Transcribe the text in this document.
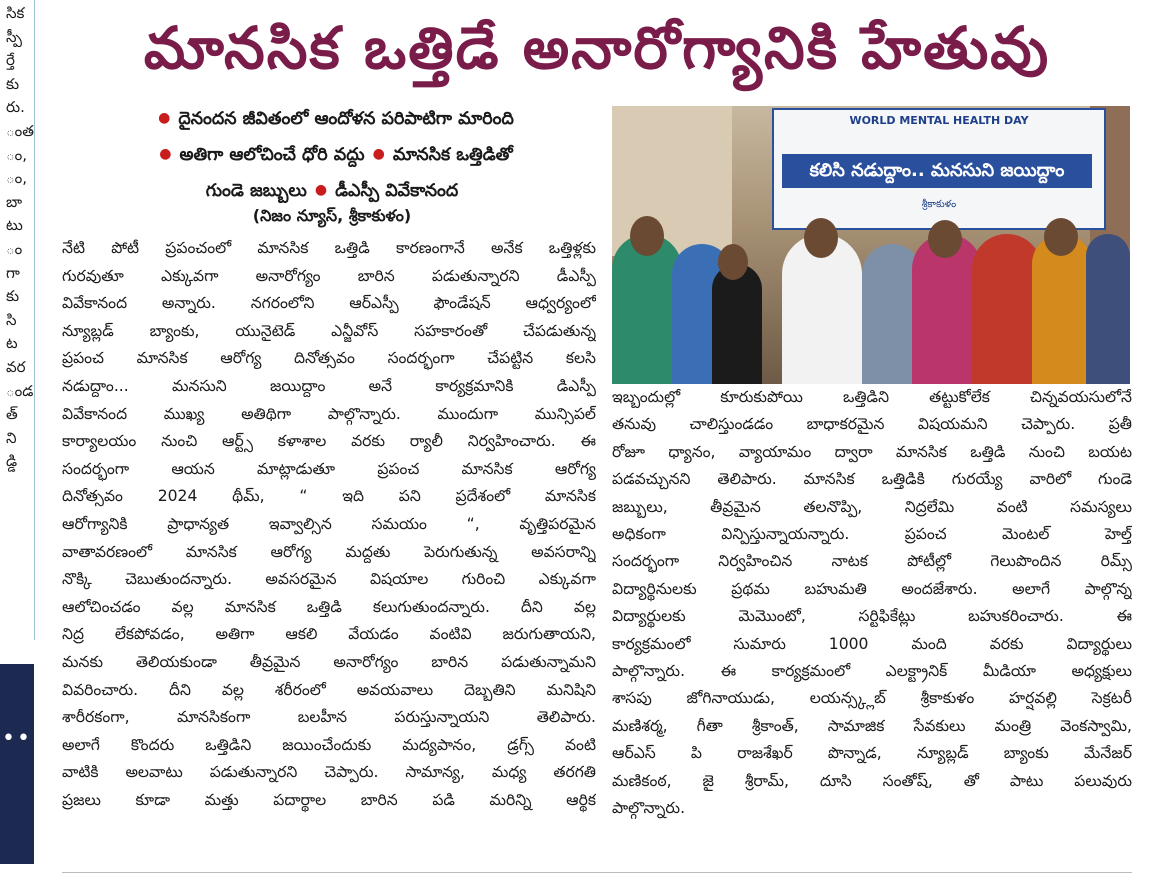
సిక
స్పీ
ర్తే
కు
రు.
ంత
ం,
ం,
బా
టు
ం
గా
కు
సి
ట
వర
ండ
త్
ని
డ్డి
••
మానసిక ఒత్తిడే అనారోగ్యానికి హేతువు
● దైనందన జీవితంలో ఆందోళన పరిపాటిగా మారింది
● అతిగా ఆలోచించే ధోరి వద్దు ● మానసిక ఒత్తిడితో
గుండె జబ్బులు ● డీఎస్పీ వివేకానంద
(నిజం న్యూస్, శ్రీకాకుళం)
నేటి పోటీ ప్రపంచంలో మానసిక ఒత్తిడి కారణంగానే అనేక ఒత్తిళ్లకు
గురవుతూ ఎక్కువగా అనారోగ్యం బారిన పడుతున్నారని డీఎస్పీ
వివేకానంద అన్నారు. నగరంలోని ఆర్ఎస్పీ ఫౌండేషన్ ఆధ్వర్యంలో
న్యూబ్లడ్ బ్యాంకు, యునైటెడ్ ఎన్జీవోస్ సహకారంతో చేపడుతున్న
ప్రపంచ మానసిక ఆరోగ్య దినోత్సవం సందర్భంగా చేపట్టిన కలసి
నడుద్దాం... మనసుని జయిద్దాం అనే కార్యక్రమానికి డిఎస్పీ
వివేకానంద ముఖ్య అతిథిగా పాల్గొన్నారు. ముందుగా మున్సిపల్
కార్యాలయం నుంచి ఆర్ట్స్ కళాశాల వరకు ర్యాలీ నిర్వహించారు. ఈ
సందర్భంగా ఆయన మాట్లాడుతూ ప్రపంచ మానసిక ఆరోగ్య
దినోత్సవం 2024 థీమ్, “ ఇది పని ప్రదేశంలో మానసిక
ఆరోగ్యానికి ప్రాధాన్యత ఇవ్వాల్సిన సమయం “, వృత్తిపరమైన
వాతావరణంలో మానసిక ఆరోగ్య మద్దతు పెరుగుతున్న అవసరాన్ని
నొక్కి చెబుతుందన్నారు. అవసరమైన విషయాల గురించి ఎక్కువగా
ఆలోచించడం వల్ల మానసిక ఒత్తిడి కలుగుతుందన్నారు. దీని వల్ల
నిద్ర లేకపోవడం, అతిగా ఆకలి వేయడం వంటివి జరుగుతాయని,
మనకు తెలియకుండా తీవ్రమైన అనారోగ్యం బారిన పడుతున్నామని
వివరించారు. దీని వల్ల శరీరంలో అవయవాలు దెబ్బతిని మనిషిని
శారీరకంగా, మానసికంగా బలహీన పరుస్తున్నాయని తెలిపారు.
అలాగే కొందరు ఒత్తిడిని జయించేందుకు మద్యపానం, డ్రగ్స్ వంటి
వాటికి అలవాటు పడుతున్నారని చెప్పారు. సామాన్య, మధ్య తరగతి
ప్రజలు కూడా మత్తు పదార్థాల బారిన పడి మరిన్ని ఆర్థిక
WORLD MENTAL HEALTH DAY
కలిసి నడుద్దాం.. మనసుని జయిద్దాం
శ్రీకాకుళం
ఇబ్బందుల్లో కూరుకుపోయి ఒత్తిడిని తట్టుకోలేక చిన్నవయసులోనే
తనువు చాలిస్తుండడం బాధాకరమైన విషయమని చెప్పారు. ప్రతీ
రోజూ ధ్యానం, వ్యాయామం ద్వారా మానసిక ఒత్తిడి నుంచి బయట
పడవచ్చునని తెలిపారు. మానసిక ఒత్తిడికి గురయ్యే వారిలో గుండె
జబ్బులు, తీవ్రమైన తలనొప్పి, నిద్రలేమి వంటి సమస్యలు
అధికంగా విన్పిస్తున్నాయన్నారు. ప్రపంచ మెంటల్ హెల్త్
సందర్భంగా నిర్వహించిన నాటక పోటీల్లో గెలుపొందిన రిమ్స్
విద్యార్థినులకు ప్రథమ బహుమతి అందజేశారు. అలాగే పాల్గొన్న
విద్యార్థులకు మెమొంటో, సర్టిఫికేట్లు బహుకరించారు. ఈ
కార్యక్రమంలో సుమారు 1000 మంది వరకు విద్యార్థులు
పాల్గొన్నారు. ఈ కార్యక్రమంలో ఎలక్ట్రానిక్ మీడియా అధ్యక్షులు
శాసపు జోగినాయుడు, లయన్స్క్లబ్ శ్రీకాకుళం హర్షవల్లి సెక్రటరీ
మణిశర్మ, గీతా శ్రీకాంత్, సామాజిక సేవకులు మంత్రి వెంకస్వామి,
ఆర్ఎస్ పి రాజశేఖర్ పొన్నాడ, న్యూబ్లడ్ బ్యాంకు మేనేజర్
మణికంఠ, జై శ్రీరామ్, దూసి సంతోష్, తో పాటు పలువురు
పాల్గొన్నారు.
